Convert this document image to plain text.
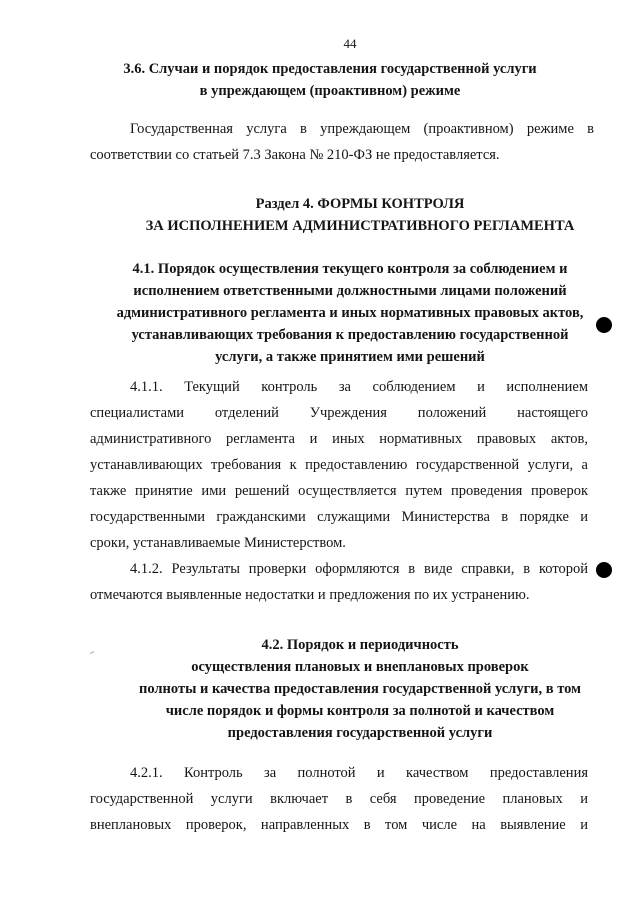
44
3.6. Случаи и порядок предоставления государственной услуги
в упреждающем (проактивном) режиме
Государственная услуга в упреждающем (проактивном) режиме в
соответствии со статьей 7.3 Закона № 210-ФЗ не предоставляется.
Раздел 4. ФОРМЫ КОНТРОЛЯ
ЗА ИСПОЛНЕНИЕМ АДМИНИСТРАТИВНОГО РЕГЛАМЕНТА
4.1. Порядок осуществления текущего контроля за соблюдением и
исполнением ответственными должностными лицами положений
административного регламента и иных нормативных правовых актов,
устанавливающих требования к предоставлению государственной
услуги, а также принятием ими решений
4.1.1. Текущий контроль за соблюдением и исполнением
специалистами отделений Учреждения положений настоящего
административного регламента и иных нормативных правовых актов,
устанавливающих требования к предоставлению государственной услуги, а
также принятие ими решений осуществляется путем проведения проверок
государственными гражданскими служащими Министерства в порядке и
сроки, устанавливаемые Министерством.
4.1.2. Результаты проверки оформляются в виде справки, в которой
отмечаются выявленные недостатки и предложения по их устранению.
4.2. Порядок и периодичность
осуществления плановых и внеплановых проверок
полноты и качества предоставления государственной услуги, в том
числе порядок и формы контроля за полнотой и качеством
предоставления государственной услуги
4.2.1. Контроль за полнотой и качеством предоставления
государственной услуги включает в себя проведение плановых и
внеплановых проверок, направленных в том числе на выявление и
